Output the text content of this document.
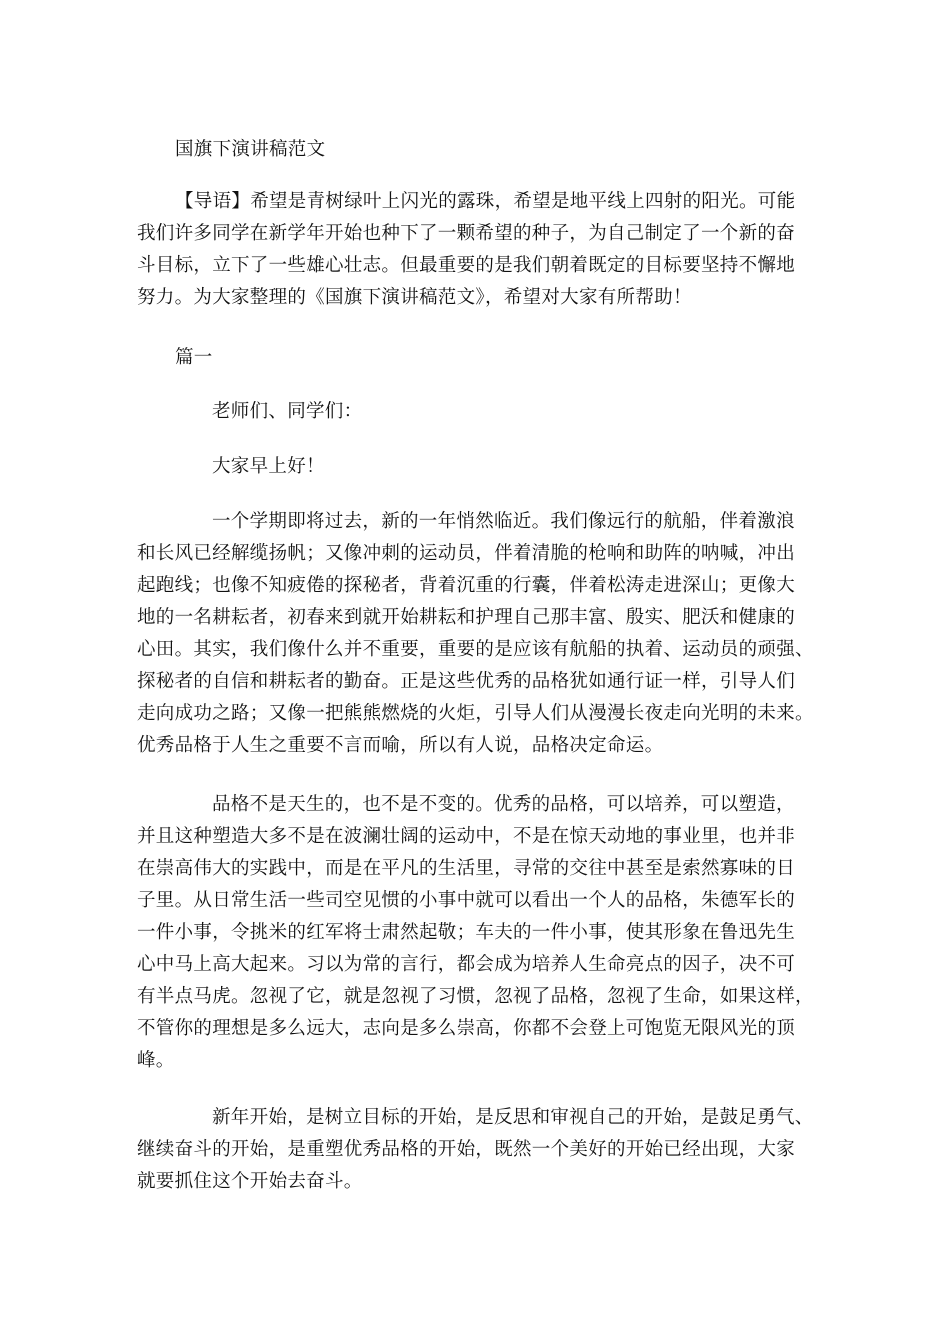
国旗下演讲稿范文

【导语】希望是青树绿叶上闪光的露珠，希望是地平线上四射的阳光。可能
我们许多同学在新学年开始也种下了一颗希望的种子，为自己制定了一个新的奋
斗目标，立下了一些雄心壮志。但最重要的是我们朝着既定的目标要坚持不懈地
努力。为大家整理的《国旗下演讲稿范文》，希望对大家有所帮助！

篇一

老师们、同学们：

大家早上好！

一个学期即将过去，新的一年悄然临近。我们像远行的航船，伴着激浪
和长风已经解缆扬帆；又像冲刺的运动员，伴着清脆的枪响和助阵的呐喊，冲出
起跑线；也像不知疲倦的探秘者，背着沉重的行囊，伴着松涛走进深山；更像大
地的一名耕耘者，初春来到就开始耕耘和护理自己那丰富、殷实、肥沃和健康的
心田。其实，我们像什么并不重要，重要的是应该有航船的执着、运动员的顽强、
探秘者的自信和耕耘者的勤奋。正是这些优秀的品格犹如通行证一样，引导人们
走向成功之路；又像一把熊熊燃烧的火炬，引导人们从漫漫长夜走向光明的未来。
优秀品格于人生之重要不言而喻，所以有人说，品格决定命运。

品格不是天生的，也不是不变的。优秀的品格，可以培养，可以塑造，
并且这种塑造大多不是在波澜壮阔的运动中，不是在惊天动地的事业里，也并非
在崇高伟大的实践中，而是在平凡的生活里，寻常的交往中甚至是索然寡味的日
子里。从日常生活一些司空见惯的小事中就可以看出一个人的品格，朱德军长的
一件小事，令挑米的红军将士肃然起敬；车夫的一件小事，使其形象在鲁迅先生
心中马上高大起来。习以为常的言行，都会成为培养人生命亮点的因子，决不可
有半点马虎。忽视了它，就是忽视了习惯，忽视了品格，忽视了生命，如果这样，
不管你的理想是多么远大，志向是多么崇高，你都不会登上可饱览无限风光的顶
峰。

新年开始，是树立目标的开始，是反思和审视自己的开始，是鼓足勇气、
继续奋斗的开始，是重塑优秀品格的开始，既然一个美好的开始已经出现，大家
就要抓住这个开始去奋斗。
